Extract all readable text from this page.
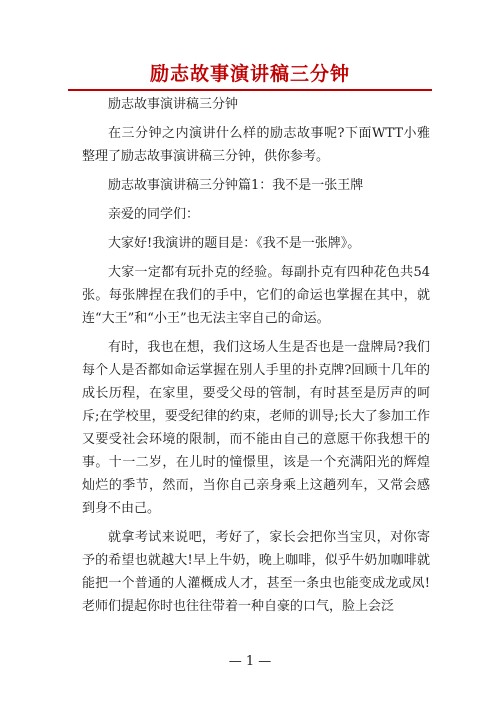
励志故事演讲稿三分钟

励志故事演讲稿三分钟

在三分钟之内演讲什么样的励志故事呢?下面WTT小雅整理了励志故事演讲稿三分钟，供你参考。

励志故事演讲稿三分钟篇1：我不是一张王牌

亲爱的同学们：

大家好!我演讲的题目是：《我不是一张牌》。

大家一定都有玩扑克的经验。每副扑克有四种花色共54张。每张牌捏在我们的手中，它们的命运也掌握在其中，就连“大王”和“小王”也无法主宰自己的命运。

有时，我也在想，我们这场人生是否也是一盘牌局?我们每个人是否都如命运掌握在别人手里的扑克牌?回顾十几年的成长历程，在家里，要受父母的管制，有时甚至是厉声的呵斥;在学校里，要受纪律的约束，老师的训导;长大了参加工作又要受社会环境的限制，而不能由自己的意愿干你我想干的事。十一二岁，在儿时的憧憬里，该是一个充满阳光的辉煌灿烂的季节，然而，当你自己亲身乘上这趟列车，又常会感到身不由己。

就拿考试来说吧，考好了，家长会把你当宝贝，对你寄予的希望也就越大!早上牛奶，晚上咖啡，似乎牛奶加咖啡就能把一个普通的人灌概成人才，甚至一条虫也能变成龙或凤!老师们提起你时也往往带着一种自豪的口气，脸上会泛

— 1 —
